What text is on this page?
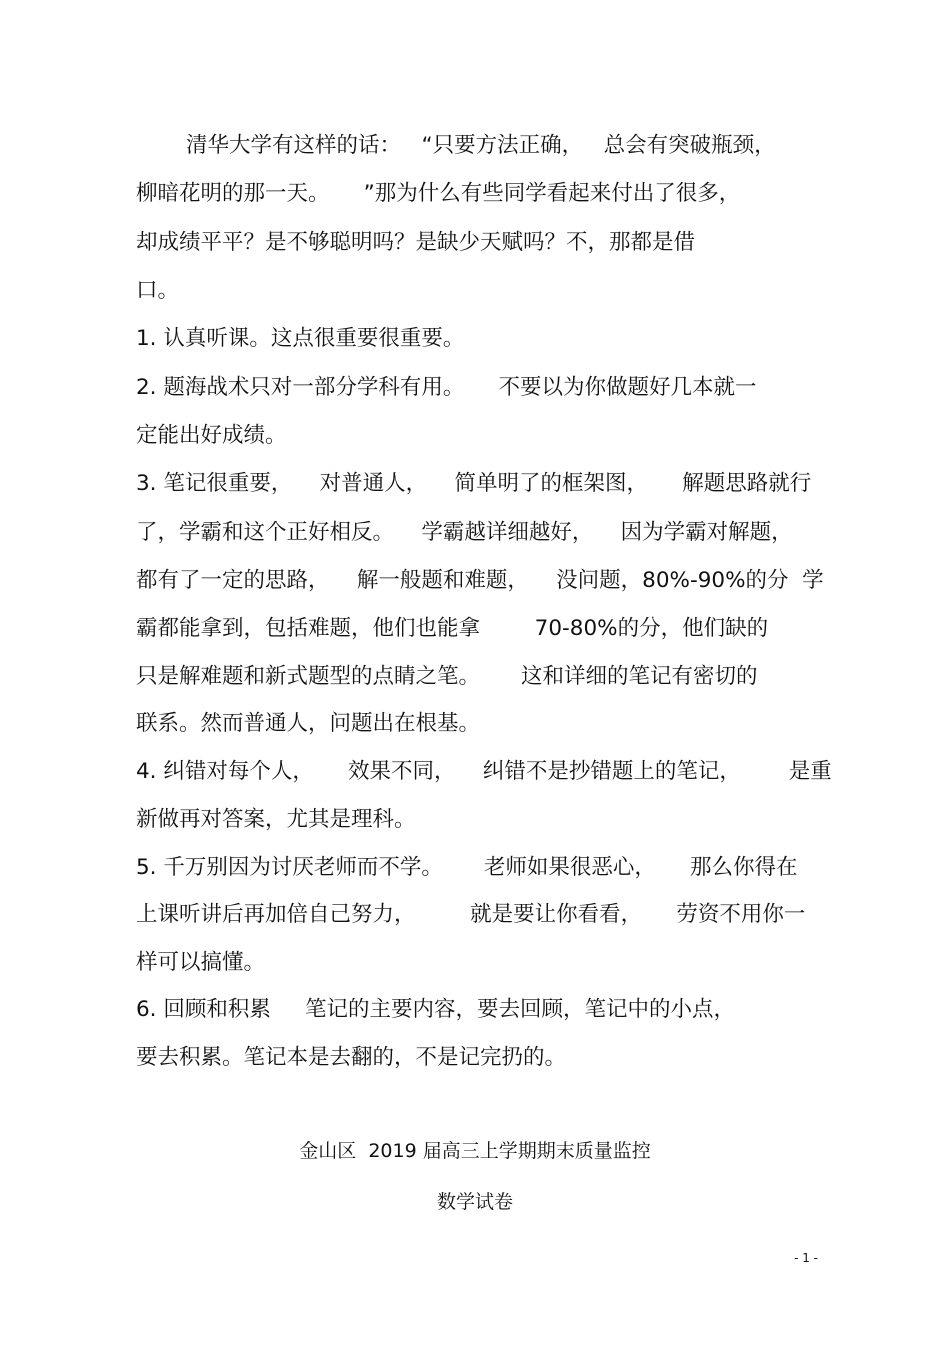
清华大学有这样的话：   “只要方法正确，   总会有突破瓶颈，
柳暗花明的那一天。     ”那为什么有些同学看起来付出了很多，
却成绩平平？是不够聪明吗？是缺少天赋吗？不，那都是借
口。
1. 认真听课。这点很重要很重要。
2. 题海战术只对一部分学科有用。     不要以为你做题好几本就一
定能出好成绩。
3. 笔记很重要，    对普通人，    简单明了的框架图，     解题思路就行
了，学霸和这个正好相反。    学霸越详细越好，    因为学霸对解题，
都有了一定的思路，    解一般题和难题，    没问题，80%-90%的分  学
霸都能拿到，包括难题，他们也能拿        70-80%的分，他们缺的
只是解难题和新式题型的点睛之笔。      这和详细的笔记有密切的
联系。然而普通人，问题出在根基。
4. 纠错对每个人，     效果不同，    纠错不是抄错题上的笔记，       是重
新做再对答案，尤其是理科。
5. 千万别因为讨厌老师而不学。      老师如果很恶心，     那么你得在
上课听讲后再加倍自己努力，        就是要让你看看，     劳资不用你一
样可以搞懂。
6. 回顾和积累     笔记的主要内容，要去回顾，笔记中的小点，
要去积累。笔记本是去翻的，不是记完扔的。
金山区  2019 届高三上学期期末质量监控
数学试卷
- 1 -
